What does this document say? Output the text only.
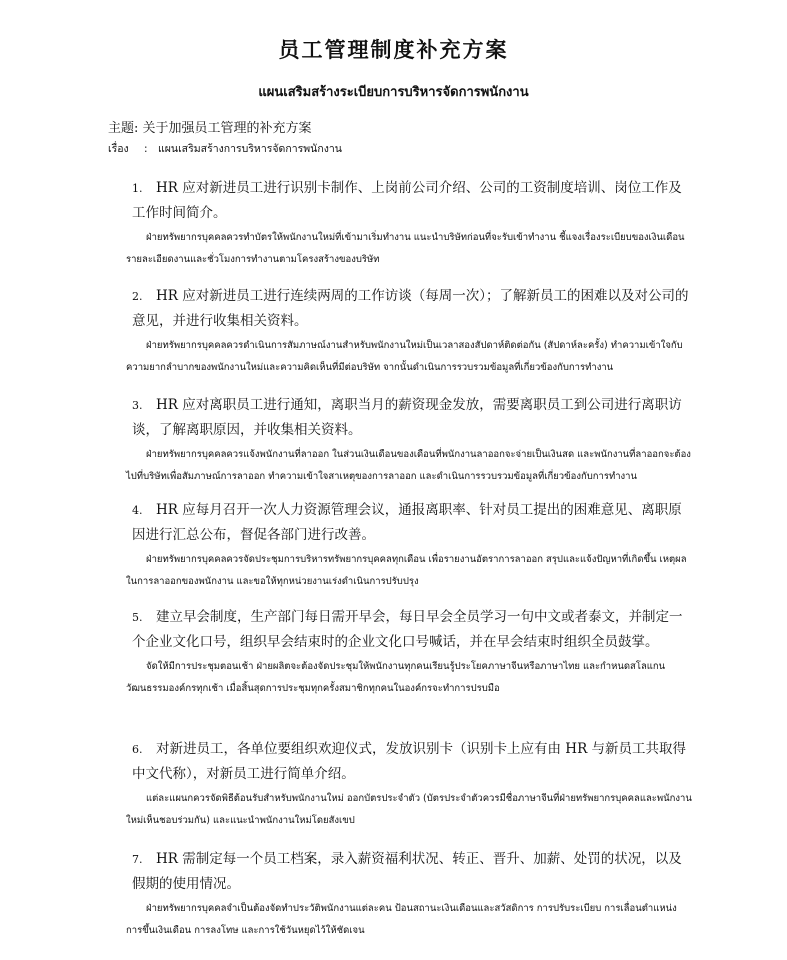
员工管理制度补充方案
แผนเสริมสร้างระเบียบการบริหารจัดการพนักงาน
主题: 关于加强员工管理的补充方案
เรื่อง : แผนเสริมสร้างการบริหารจัดการพนักงาน

1. HR 应对新进员工进行识别卡制作、上岗前公司介绍、公司的工资制度培训、岗位工作及工作时间简介。

ฝ่ายทรัพยากรบุคคลควรทำบัตรให้พนักงานใหม่ที่เข้ามาเริ่มทำงาน แนะนำบริษัทก่อนที่จะรับเข้าทำงาน ชี้แจงเรื่องระเบียบของเงินเดือน รายละเอียดงานและชั่วโมงการทำงานตามโครงสร้างของบริษัท

2. HR 应对新进员工进行连续两周的工作访谈（每周一次）；了解新员工的困难以及对公司的意见，并进行收集相关资料。

ฝ่ายทรัพยากรบุคคลควรดำเนินการสัมภาษณ์งานสำหรับพนักงานใหม่เป็นเวลาสองสัปดาห์ติดต่อกัน (สัปดาห์ละครั้ง) ทำความเข้าใจกับความยากลำบากของพนักงานใหม่และความคิดเห็นที่มีต่อบริษัท จากนั้นดำเนินการรวบรวมข้อมูลที่เกี่ยวข้องกับการทำงาน

3. HR 应对离职员工进行通知，离职当月的薪资现金发放，需要离职员工到公司进行离职访谈，了解离职原因，并收集相关资料。

ฝ่ายทรัพยากรบุคคลควรแจ้งพนักงานที่ลาออก ในส่วนเงินเดือนของเดือนที่พนักงานลาออกจะจ่ายเป็นเงินสด และพนักงานที่ลาออกจะต้องไปที่บริษัทเพื่อสัมภาษณ์การลาออก ทำความเข้าใจสาเหตุของการลาออก และดำเนินการรวบรวมข้อมูลที่เกี่ยวข้องกับการทำงาน

4. HR 应每月召开一次人力资源管理会议，通报离职率、针对员工提出的困难意见、离职原因进行汇总公布，督促各部门进行改善。

ฝ่ายทรัพยากรบุคคลควรจัดประชุมการบริหารทรัพยากรบุคคลทุกเดือน เพื่อรายงานอัตราการลาออก สรุปและแจ้งปัญหาที่เกิดขึ้น เหตุผลในการลาออกของพนักงาน และขอให้ทุกหน่วยงานเร่งดำเนินการปรับปรุง

5. 建立早会制度，生产部门每日需开早会，每日早会全员学习一句中文或者泰文，并制定一个企业文化口号，组织早会结束时的企业文化口号喊话，并在早会结束时组织全员鼓掌。

จัดให้มีการประชุมตอนเช้า ฝ่ายผลิตจะต้องจัดประชุมให้พนักงานทุกคนเรียนรู้ประโยคภาษาจีนหรือภาษาไทย และกำหนดสโลแกนวัฒนธรรมองค์กรทุกเช้า เมื่อสิ้นสุดการประชุมทุกครั้งสมาชิกทุกคนในองค์กรจะทำการปรบมือ

6. 对新进员工，各单位要组织欢迎仪式，发放识别卡（识别卡上应有由 HR 与新员工共取得中文代称），对新员工进行简单介绍。

แต่ละแผนกควรจัดพิธีต้อนรับสำหรับพนักงานใหม่ ออกบัตรประจำตัว (บัตรประจำตัวควรมีชื่อภาษาจีนที่ฝ่ายทรัพยากรบุคคลและพนักงานใหม่เห็นชอบร่วมกัน) และแนะนำพนักงานใหม่โดยสังเขป

7. HR 需制定每一个员工档案，录入薪资福利状况、转正、晋升、加薪、处罚的状况，以及假期的使用情况。

ฝ่ายทรัพยากรบุคคลจำเป็นต้องจัดทำประวัติพนักงานแต่ละคน ป้อนสถานะเงินเดือนและสวัสดิการ การปรับระเบียบ การเลื่อนตำแหน่ง การขึ้นเงินเดือน การลงโทษ และการใช้วันหยุดไว้ให้ชัดเจน
